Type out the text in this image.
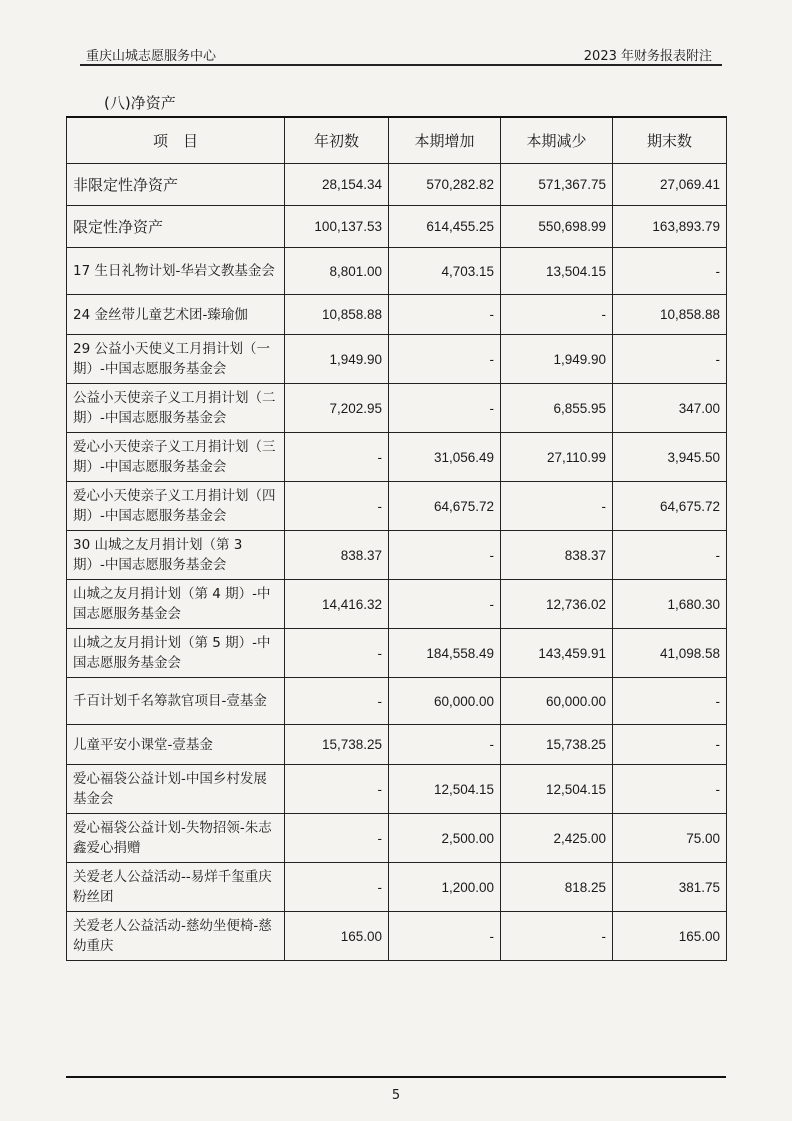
重庆山城志愿服务中心	2023 年财务报表附注
(八)净资产
项　目	年初数	本期增加	本期减少	期末数
非限定性净资产	28,154.34	570,282.82	571,367.75	27,069.41
限定性净资产	100,137.53	614,455.25	550,698.99	163,893.79
17 生日礼物计划-华岩文教基金会	8,801.00	4,703.15	13,504.15	-
24 金丝带儿童艺术团-臻瑜伽	10,858.88	-	-	10,858.88
29 公益小天使义工月捐计划（一期）-中国志愿服务基金会	1,949.90	-	1,949.90	-
公益小天使亲子义工月捐计划（二期）-中国志愿服务基金会	7,202.95	-	6,855.95	347.00
爱心小天使亲子义工月捐计划（三期）-中国志愿服务基金会	-	31,056.49	27,110.99	3,945.50
爱心小天使亲子义工月捐计划（四期）-中国志愿服务基金会	-	64,675.72	-	64,675.72
30 山城之友月捐计划（第 3 期）-中国志愿服务基金会	838.37	-	838.37	-
山城之友月捐计划（第 4 期）-中国志愿服务基金会	14,416.32	-	12,736.02	1,680.30
山城之友月捐计划（第 5 期）-中国志愿服务基金会	-	184,558.49	143,459.91	41,098.58
千百计划千名筹款官项目-壹基金	-	60,000.00	60,000.00	-
儿童平安小课堂-壹基金	15,738.25	-	15,738.25	-
爱心福袋公益计划-中国乡村发展基金会	-	12,504.15	12,504.15	-
爱心福袋公益计划-失物招领-朱志鑫爱心捐赠	-	2,500.00	2,425.00	75.00
关爱老人公益活动--易烊千玺重庆粉丝团	-	1,200.00	818.25	381.75
关爱老人公益活动-慈幼坐便椅-慈幼重庆	165.00	-	-	165.00
5
